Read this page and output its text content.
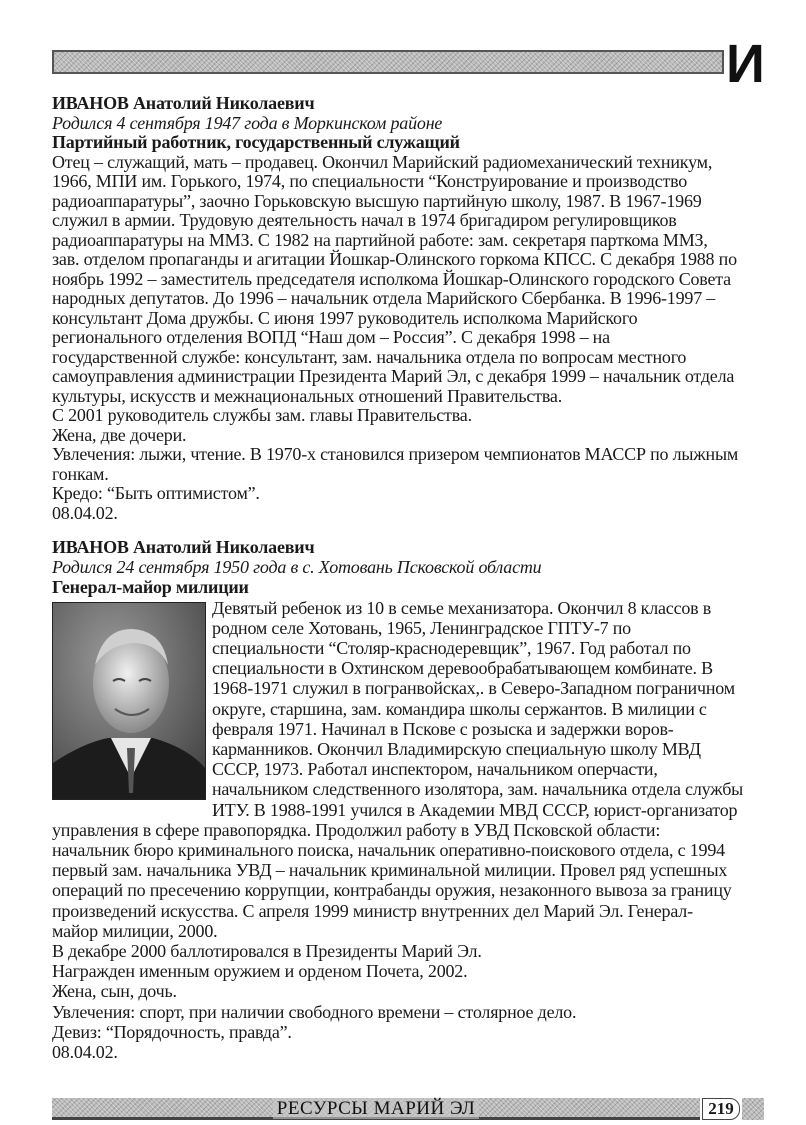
И
ИВАНОВ Анатолий Николаевич
Родился 4 сентября 1947 года в Моркинском районе
Партийный работник, государственный служащий
Отец – служащий, мать – продавец. Окончил Марийский радиомеханический техникум,
1966, МПИ им. Горького, 1974, по специальности “Конструирование и производство
радиоаппаратуры”, заочно Горьковскую высшую партийную школу, 1987. В 1967-1969
служил в армии. Трудовую деятельность начал в 1974 бригадиром регулировщиков
радиоаппаратуры на ММЗ. С 1982 на партийной работе: зам. секретаря парткома ММЗ,
зав. отделом пропаганды и агитации Йошкар-Олинского горкома КПСС. С декабря 1988 по
ноябрь 1992 – заместитель председателя исполкома Йошкар-Олинского городского Совета
народных депутатов. До 1996 – начальник отдела Марийского Сбербанка. В 1996-1997 –
консультант Дома дружбы. С июня 1997 руководитель исполкома Марийского
регионального отделения ВОПД “Наш дом – Россия”. С декабря 1998 – на
государственной службе: консультант, зам. начальника отдела по вопросам местного
самоуправления администрации Президента Марий Эл, с декабря 1999 – начальник отдела
культуры, искусств и межнациональных отношений Правительства.
С 2001 руководитель службы зам. главы Правительства.
Жена, две дочери.
Увлечения: лыжи, чтение. В 1970-х становился призером чемпионатов МАССР по лыжным
гонкам.
Кредо: “Быть оптимистом”.
08.04.02.
ИВАНОВ Анатолий Николаевич
Родился 24 сентября 1950 года в с. Хотовань Псковской области
Генерал-майор милиции
Девятый ребенок из 10 в семье механизатора. Окончил 8 классов в
родном селе Хотовань, 1965, Ленинградское ГПТУ-7 по
специальности “Столяр-краснодеревщик”, 1967. Год работал по
специальности в Охтинском деревообрабатывающем комбинате. В
1968-1971 служил в погранвойсках,. в Северо-Западном пограничном
округе, старшина, зам. командира школы сержантов. В милиции с
февраля 1971. Начинал в Пскове с розыска и задержки воров-
карманников. Окончил Владимирскую специальную школу МВД
СССР, 1973. Работал инспектором, начальником оперчасти,
начальником следственного изолятора, зам. начальника отдела службы
ИТУ. В 1988-1991 учился в Академии МВД СССР, юрист-организатор
управления в сфере правопорядка. Продолжил работу в УВД Псковской области:
начальник бюро криминального поиска, начальник оперативно-поискового отдела, с 1994
первый зам. начальника УВД – начальник криминальной милиции. Провел ряд успешных
операций по пресечению коррупции, контрабанды оружия, незаконного вывоза за границу
произведений искусства. С апреля 1999 министр внутренних дел Марий Эл. Генерал-
майор милиции, 2000.
В декабре 2000 баллотировался в Президенты Марий Эл.
Награжден именным оружием и орденом Почета, 2002.
Жена, сын, дочь.
Увлечения: спорт, при наличии свободного времени – столярное дело.
Девиз: “Порядочность, правда”.
08.04.02.
РЕСУРСЫ МАРИЙ ЭЛ	219
